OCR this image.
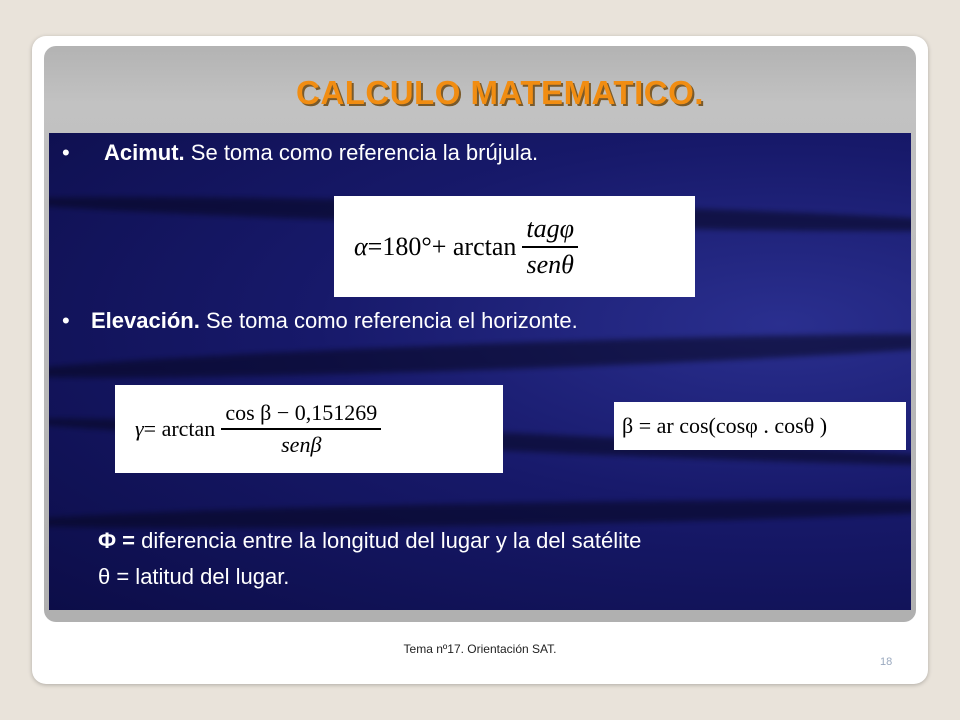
CALCULO MATEMATICO.
• Acimut. Se toma como referencia la brújula.
$\alpha =180^\circ+ \arctan \frac{\text{tagφ}}{\text{senθ}}$
• Elevación. Se toma como referencia el horizonte.
$\gamma = \arctan \frac{\text{cos β − 0,151269}}{\text{senβ}}$	β = ar cos(cosφ . cosθ )
Φ = diferencia entre la longitud del lugar y la del satélite
θ = latitud del lugar.
Tema nº17. Orientación SAT.
18
